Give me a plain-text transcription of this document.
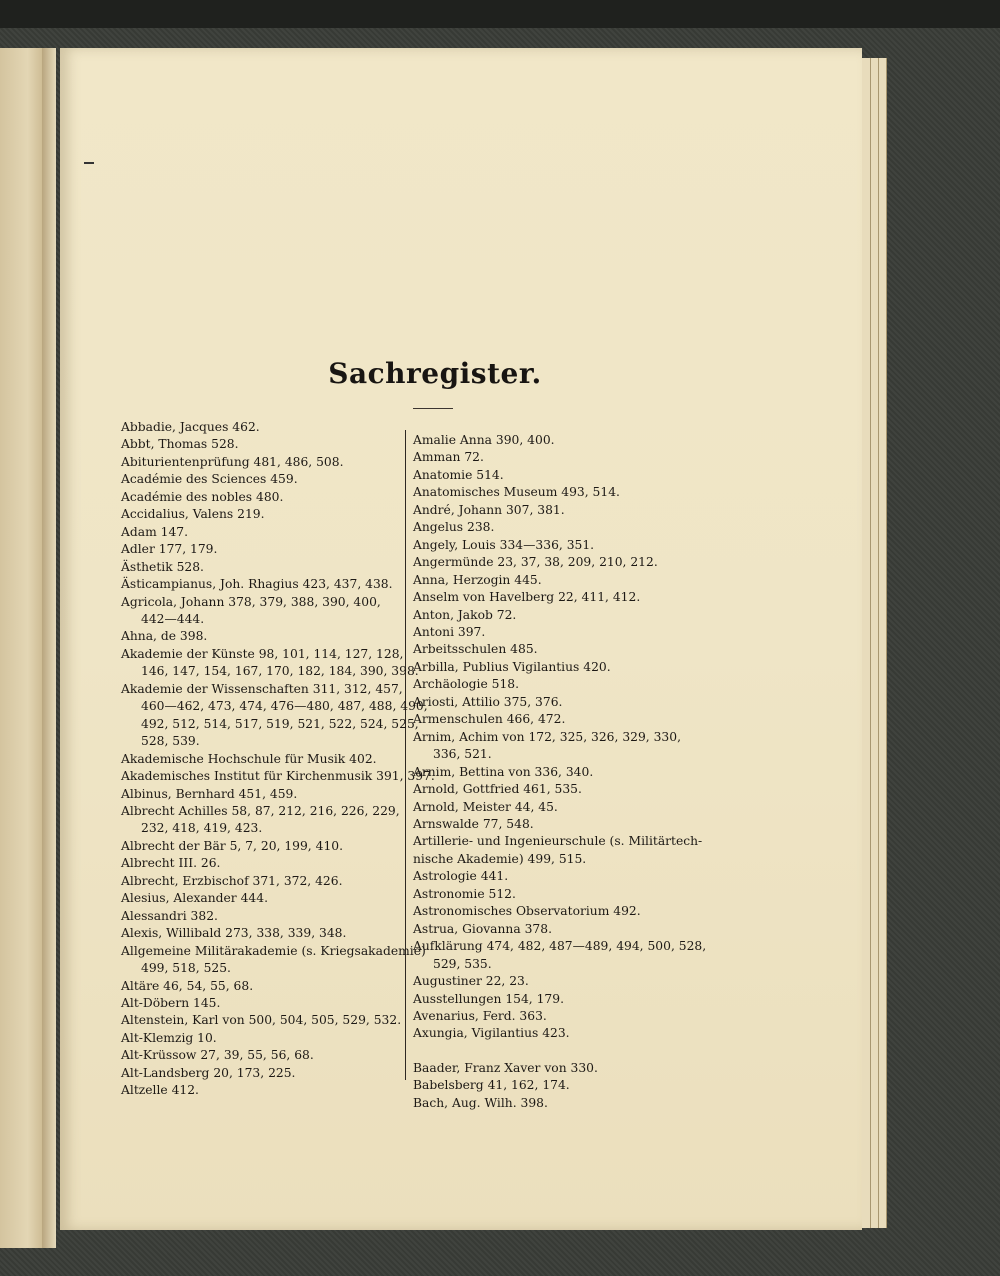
Sachregister.
Abbadie, Jacques 462.
Abbt, Thomas 528.
Abiturientenprüfung 481, 486, 508.
Académie des Sciences 459.
Académie des nobles 480.
Accidalius, Valens 219.
Adam 147.
Adler 177, 179.
Ästhetik 528.
Ästicampianus, Joh. Rhagius 423, 437, 438.
Agricola, Johann 378, 379, 388, 390, 400,
442—444.
Ahna, de 398.
Akademie der Künste 98, 101, 114, 127, 128,
146, 147, 154, 167, 170, 182, 184, 390, 398.
Akademie der Wissenschaften 311, 312, 457,
460—462, 473, 474, 476—480, 487, 488, 490,
492, 512, 514, 517, 519, 521, 522, 524, 525,
528, 539.
Akademische Hochschule für Musik 402.
Akademisches Institut für Kirchenmusik 391, 397.
Albinus, Bernhard 451, 459.
Albrecht Achilles 58, 87, 212, 216, 226, 229,
232, 418, 419, 423.
Albrecht der Bär 5, 7, 20, 199, 410.
Albrecht III. 26.
Albrecht, Erzbischof 371, 372, 426.
Alesius, Alexander 444.
Alessandri 382.
Alexis, Willibald 273, 338, 339, 348.
Allgemeine Militärakademie (s. Kriegsakademie)
499, 518, 525.
Altäre 46, 54, 55, 68.
Alt-Döbern 145.
Altenstein, Karl von 500, 504, 505, 529, 532.
Alt-Klemzig 10.
Alt-Krüssow 27, 39, 55, 56, 68.
Alt-Landsberg 20, 173, 225.
Altzelle 412.
Amalie Anna 390, 400.
Amman 72.
Anatomie 514.
Anatomisches Museum 493, 514.
André, Johann 307, 381.
Angelus 238.
Angely, Louis 334—336, 351.
Angermünde 23, 37, 38, 209, 210, 212.
Anna, Herzogin 445.
Anselm von Havelberg 22, 411, 412.
Anton, Jakob 72.
Antoni 397.
Arbeitsschulen 485.
Arbilla, Publius Vigilantius 420.
Archäologie 518.
Ariosti, Attilio 375, 376.
Armenschulen 466, 472.
Arnim, Achim von 172, 325, 326, 329, 330,
336, 521.
Arnim, Bettina von 336, 340.
Arnold, Gottfried 461, 535.
Arnold, Meister 44, 45.
Arnswalde 77, 548.
Artillerie- und Ingenieurschule (s. Militärtech-
nische Akademie) 499, 515.
Astrologie 441.
Astronomie 512.
Astronomisches Observatorium 492.
Astrua, Giovanna 378.
Aufklärung 474, 482, 487—489, 494, 500, 528,
529, 535.
Augustiner 22, 23.
Ausstellungen 154, 179.
Avenarius, Ferd. 363.
Axungia, Vigilantius 423.
Baader, Franz Xaver von 330.
Babelsberg 41, 162, 174.
Bach, Aug. Wilh. 398.
